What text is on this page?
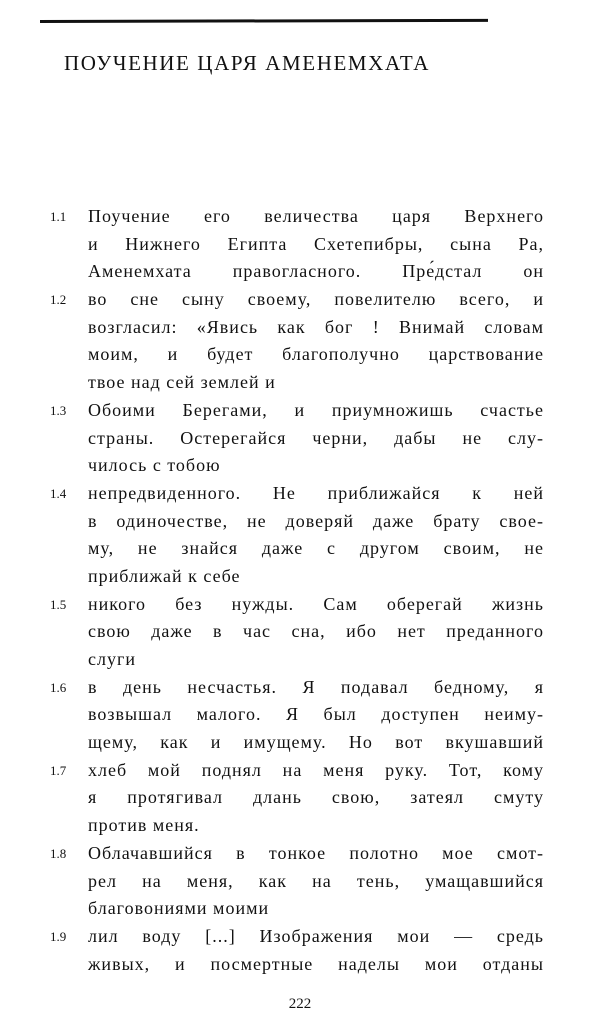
ПОУЧЕНИЕ ЦАРЯ АМЕНЕМХАТА
1.1	Поучение его величества царя Верхнего
и Нижнего Египта Схетепибры, сына Ра,
Аменемхата правогласного. Пре́дстал он
1.2	во сне сыну своему, повелителю всего, и
возгласил: «Явись как бог ! Внимай словам
моим, и будет благополучно царствование
твое над сей землей и
1.3	Обоими Берегами, и приумножишь счастье
страны. Остерегайся черни, дабы не слу-
чилось с тобою
1.4	непредвиденного. Не приближайся к ней
в одиночестве, не доверяй даже брату свое-
му, не знайся даже с другом своим, не
приближай к себе
1.5	никого без нужды. Сам оберегай жизнь
свою даже в час сна, ибо нет преданного
слуги
1.6	в день несчастья. Я подавал бедному, я
возвышал малого. Я был доступен неиму-
щему, как и имущему. Но вот вкушавший
1.7	хлеб мой поднял на меня руку. Тот, кому
я протягивал длань свою, затеял смуту
против меня.
1.8	Облачавшийся в тонкое полотно мое смот-
рел на меня, как на тень, умащавшийся
благовониями моими
1.9	лил воду [...] Изображения мои — средь
живых, и посмертные наделы мои отданы
222
